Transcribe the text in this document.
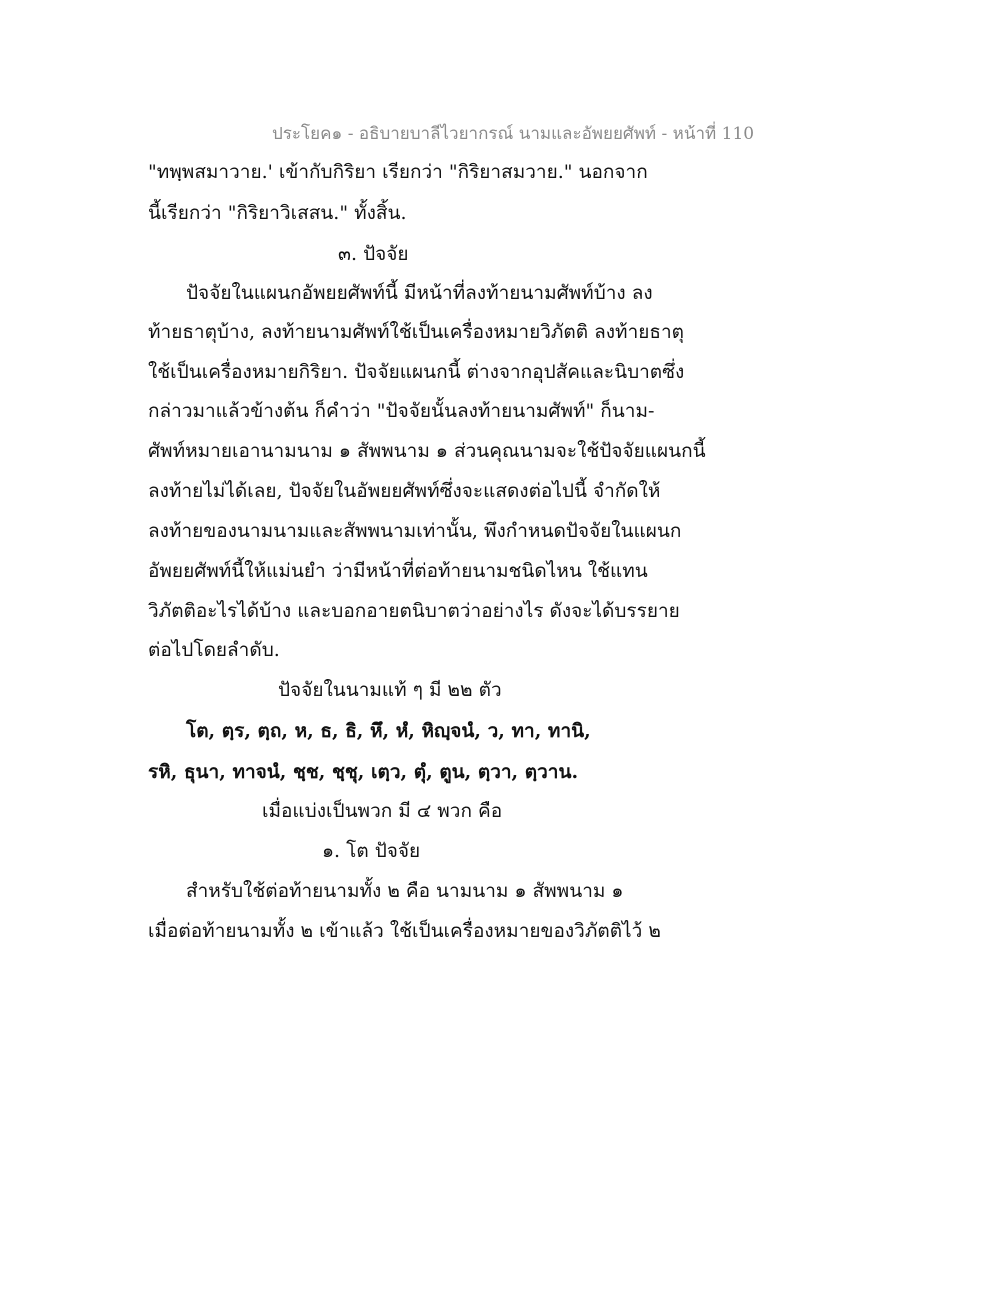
ประโยค๑ - อธิบายบาลีไวยากรณ์ นามและอัพยยศัพท์ - หน้าที่ 110
"ทพฺพสมาวาย.' เข้ากับกิริยา เรียกว่า "กิริยาสมวาย." นอกจาก
นี้เรียกว่า "กิริยาวิเสสน." ทั้งสิ้น.
๓. ปัจจัย
ปัจจัยในแผนกอัพยยศัพท์นี้ มีหน้าที่ลงท้ายนามศัพท์บ้าง ลง
ท้ายธาตุบ้าง, ลงท้ายนามศัพท์ใช้เป็นเครื่องหมายวิภัตติ ลงท้ายธาตุ
ใช้เป็นเครื่องหมายกิริยา. ปัจจัยแผนกนี้ ต่างจากอุปสัคและนิบาตซึ่ง
กล่าวมาแล้วข้างต้น ก็คำว่า "ปัจจัยนั้นลงท้ายนามศัพท์" ก็นาม-
ศัพท์หมายเอานามนาม ๑ สัพพนาม ๑ ส่วนคุณนามจะใช้ปัจจัยแผนกนี้
ลงท้ายไม่ได้เลย, ปัจจัยในอัพยยศัพท์ซึ่งจะแสดงต่อไปนี้ จำกัดให้
ลงท้ายของนามนามและสัพพนามเท่านั้น, พึงกำหนดปัจจัยในแผนก
อัพยยศัพท์นี้ให้แม่นยำ ว่ามีหน้าที่ต่อท้ายนามชนิดไหน ใช้แทน
วิภัตติอะไรได้บ้าง และบอกอายตนิบาตว่าอย่างไร ดังจะได้บรรยาย
ต่อไปโดยลำดับ.
ปัจจัยในนามแท้ ๆ มี ๒๒ ตัว
โต, ตฺร, ตฺถ, ห, ธ, ธิ, หึ, หํ, หิญฺจนํ, ว, ทา, ทานิ,
รหิ, ธุนา, ทาจนํ, ชฺช, ชฺชุ, เตฺว, ตุํ, ตูน, ตฺวา, ตฺวาน.
เมื่อแบ่งเป็นพวก มี ๔ พวก คือ
๑. โต ปัจจัย
สำหรับใช้ต่อท้ายนามทั้ง ๒ คือ นามนาม ๑ สัพพนาม ๑
เมื่อต่อท้ายนามทั้ง ๒ เข้าแล้ว ใช้เป็นเครื่องหมายของวิภัตติไว้ ๒
